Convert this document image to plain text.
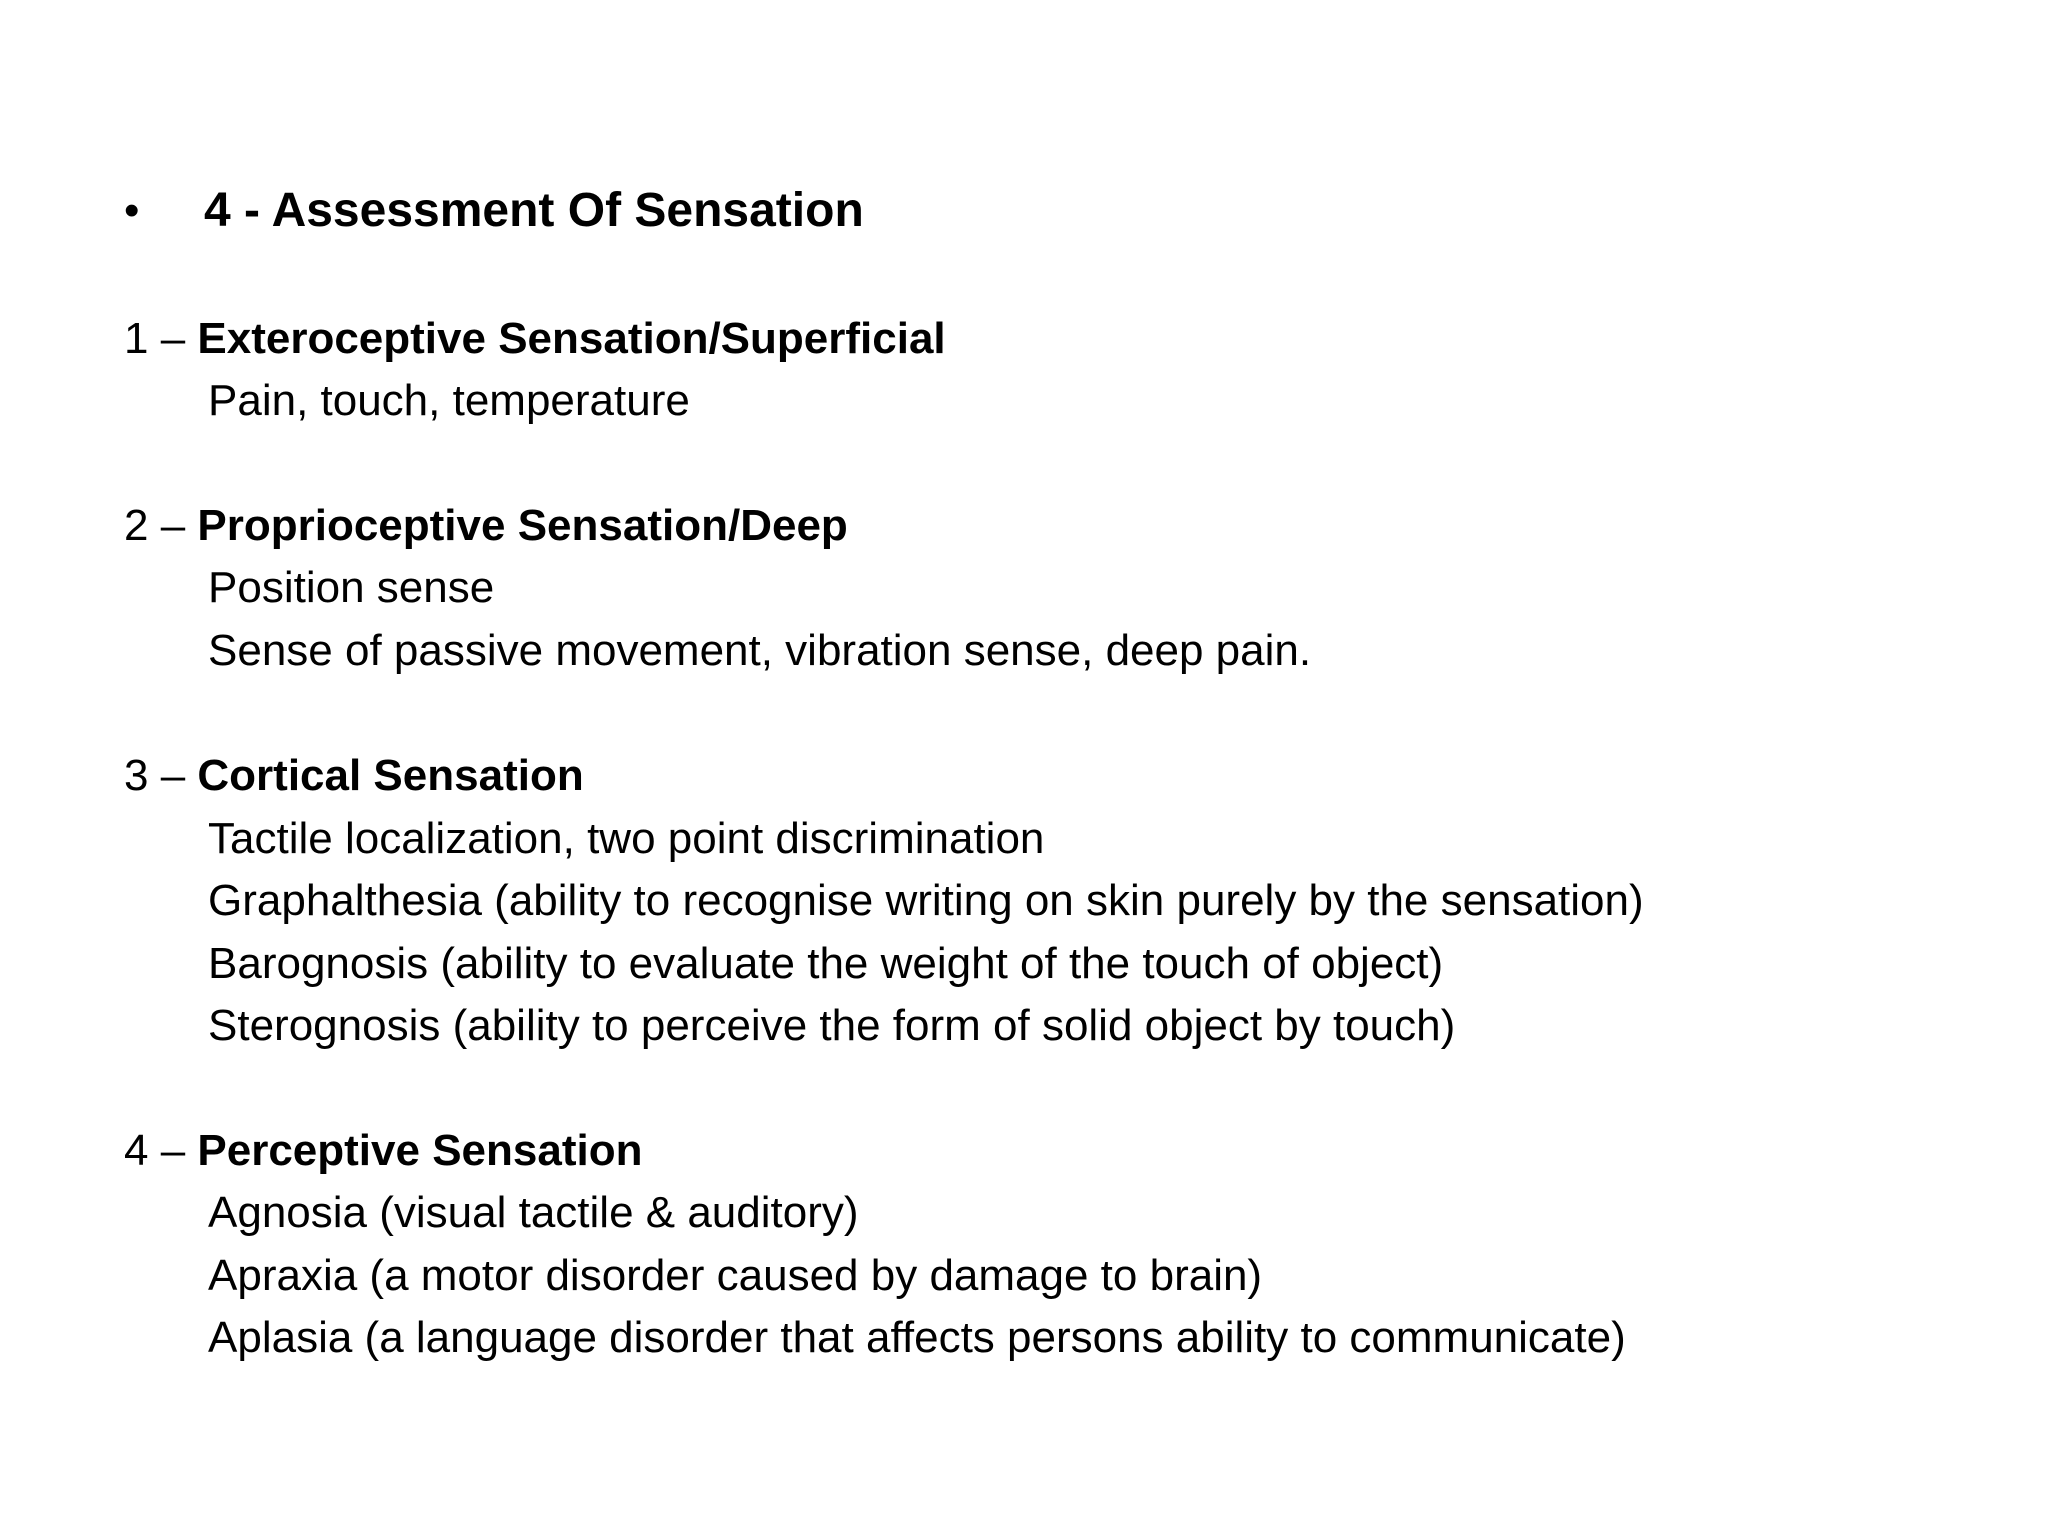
•	4 - Assessment Of Sensation
1 – Exteroceptive Sensation/Superficial
Pain, touch, temperature
2 – Proprioceptive Sensation/Deep
Position sense
Sense of passive movement, vibration sense, deep pain.
3 – Cortical Sensation
Tactile localization, two point discrimination
Graphalthesia (ability to recognise writing on skin purely by the sensation)
Barognosis (ability to evaluate the weight of the touch of object)
Sterognosis (ability to perceive the form of solid object by touch)
4 – Perceptive Sensation
Agnosia (visual tactile & auditory)
Apraxia (a motor disorder caused by damage to brain)
Aplasia (a language disorder that affects persons ability to communicate)
